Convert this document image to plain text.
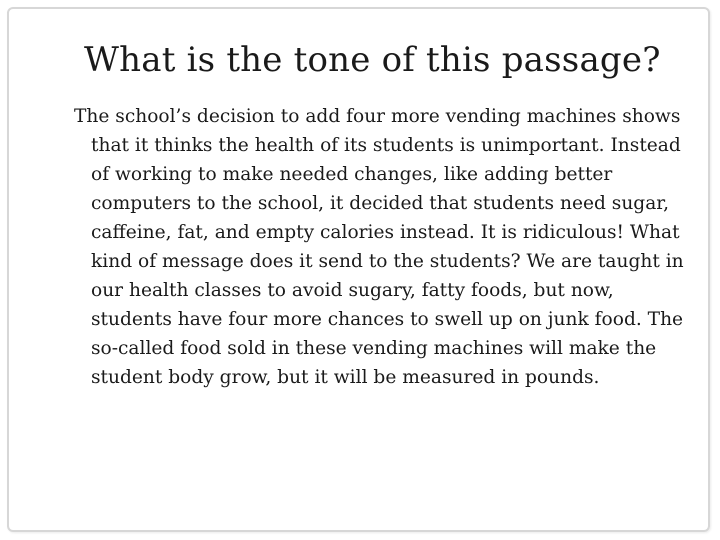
What is the tone of this passage?

The school’s decision to add four more vending machines shows that it thinks the health of its students is unimportant. Instead of working to make needed changes, like adding better computers to the school, it decided that students need sugar, caffeine, fat, and empty calories instead. It is ridiculous! What kind of message does it send to the students? We are taught in our health classes to avoid sugary, fatty foods, but now, students have four more chances to swell up on junk food. The so-called food sold in these vending machines will make the student body grow, but it will be measured in pounds.
